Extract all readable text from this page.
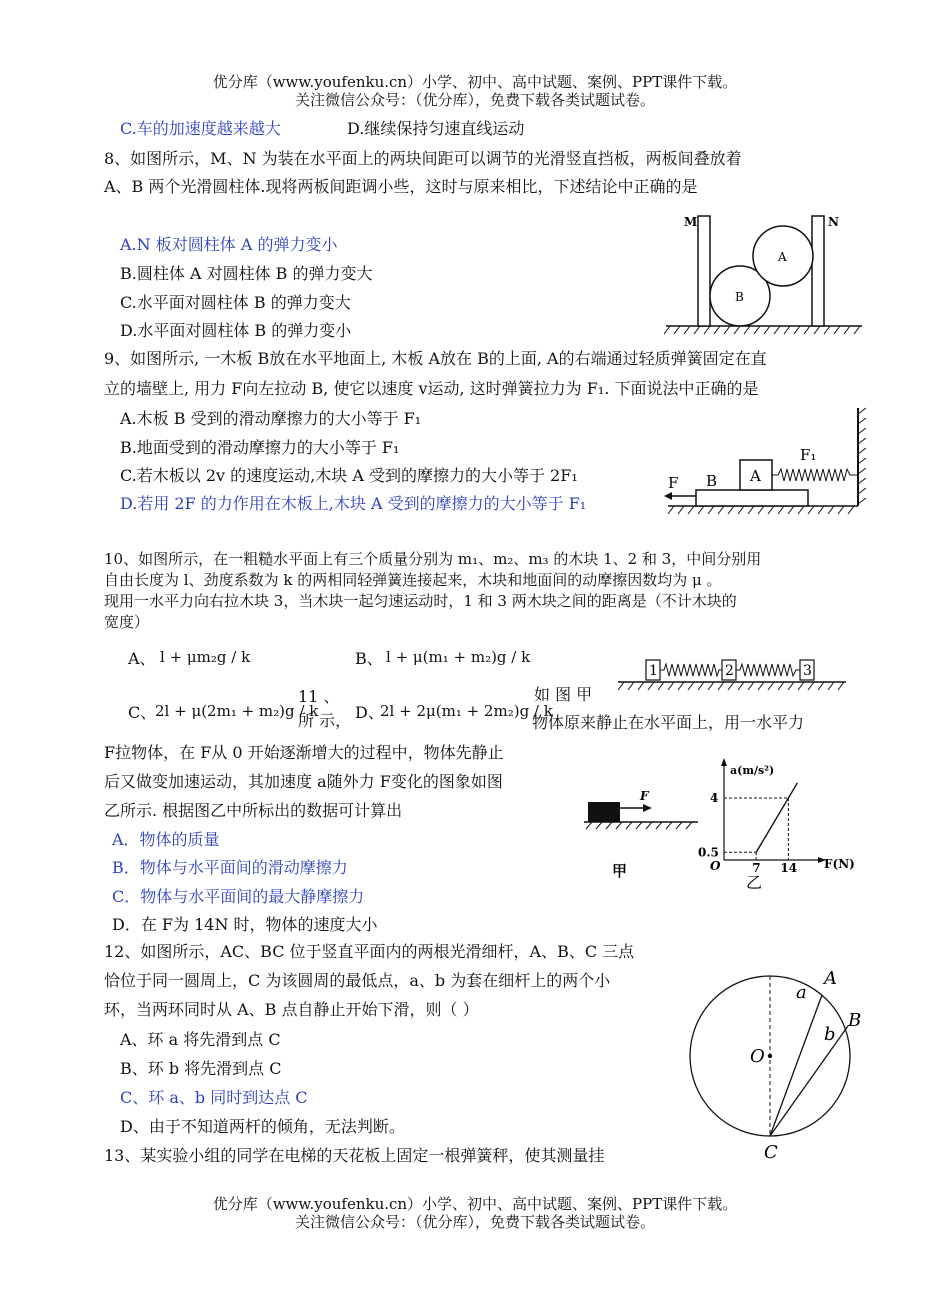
优分库（www.youfenku.cn）小学、初中、高中试题、案例、PPT课件下载。
关注微信公众号：（优分库），免费下载各类试题试卷。
C.车的加速度越来越大	D.继续保持匀速直线运动
8、如图所示，M、N 为装在水平面上的两块间距可以调节的光滑竖直挡板，两板间叠放着
A、B 两个光滑圆柱体.现将两板间距调小些，这时与原来相比，下述结论中正确的是
A.N 板对圆柱体 A 的弹力变小
B.圆柱体 A 对圆柱体 B 的弹力变大
C.水平面对圆柱体 B 的弹力变大
D.水平面对圆柱体 B 的弹力变小
M	N
A
B
9、如图所示, 一木板 B放在水平地面上, 木板 A放在 B的上面, A的右端通过轻质弹簧固定在直
立的墙壁上, 用力 F向左拉动 B, 使它以速度 v运动, 这时弹簧拉力为 F₁. 下面说法中正确的是
A.木板 B 受到的滑动摩擦力的大小等于 F₁
B.地面受到的滑动摩擦力的大小等于 F₁
C.若木板以 2v 的速度运动,木块 A 受到的摩擦力的大小等于 2F₁
D.若用 2F 的力作用在木板上,木块 A 受到的摩擦力的大小等于 F₁
F B A
F₁
10、如图所示，在一粗糙水平面上有三个质量分别为 m₁、m₂、m₃ 的木块 1、2 和 3，中间分别用
自由长度为 l、劲度系数为 k 的两相同轻弹簧连接起来，木块和地面间的动摩擦因数均为 μ 。
现用一水平力向右拉木块 3，当木块一起匀速运动时，1 和 3 两木块之间的距离是（不计木块的
宽度）
A、 l + μm₂g / k	B、 l + μ(m₁ + m₂)g / k
C、
2l + μ(2m₁ + m₂)g / k D、
2l + 2μ(m₁ + 2m₂)g / k
1	2	3
11 、
所 示，
如 图 甲
物体原来静止在水平面上，用一水平力
F拉物体，在 F从 0 开始逐渐增大的过程中，物体先静止
后又做变加速运动，其加速度 a随外力 F变化的图象如图
乙所示. 根据图乙中所标出的数据可计算出
A．物体的质量
B．物体与水平面间的滑动摩擦力
C．物体与水平面间的最大静摩擦力
D．在 F为 14N 时，物体的速度大小
F
甲
a(m/s²)
F(N)
O
乙
0.5
4
7 14
12、如图所示，AC、BC 位于竖直平面内的两根光滑细杆，A、B、C 三点
恰位于同一圆周上，C 为该圆周的最低点，a、b 为套在细杆上的两个小
环，当两环同时从 A、B 点自静止开始下滑，则（ ）
A、环 a 将先滑到点 C
B、环 b 将先滑到点 C
C、环 a、b 同时到达点 C
D、由于不知道两杆的倾角，无法判断。
A
B
C
O
a
b
13、某实验小组的同学在电梯的天花板上固定一根弹簧秤，使其测量挂
优分库（www.youfenku.cn）小学、初中、高中试题、案例、PPT课件下载。
关注微信公众号：（优分库），免费下载各类试题试卷。
